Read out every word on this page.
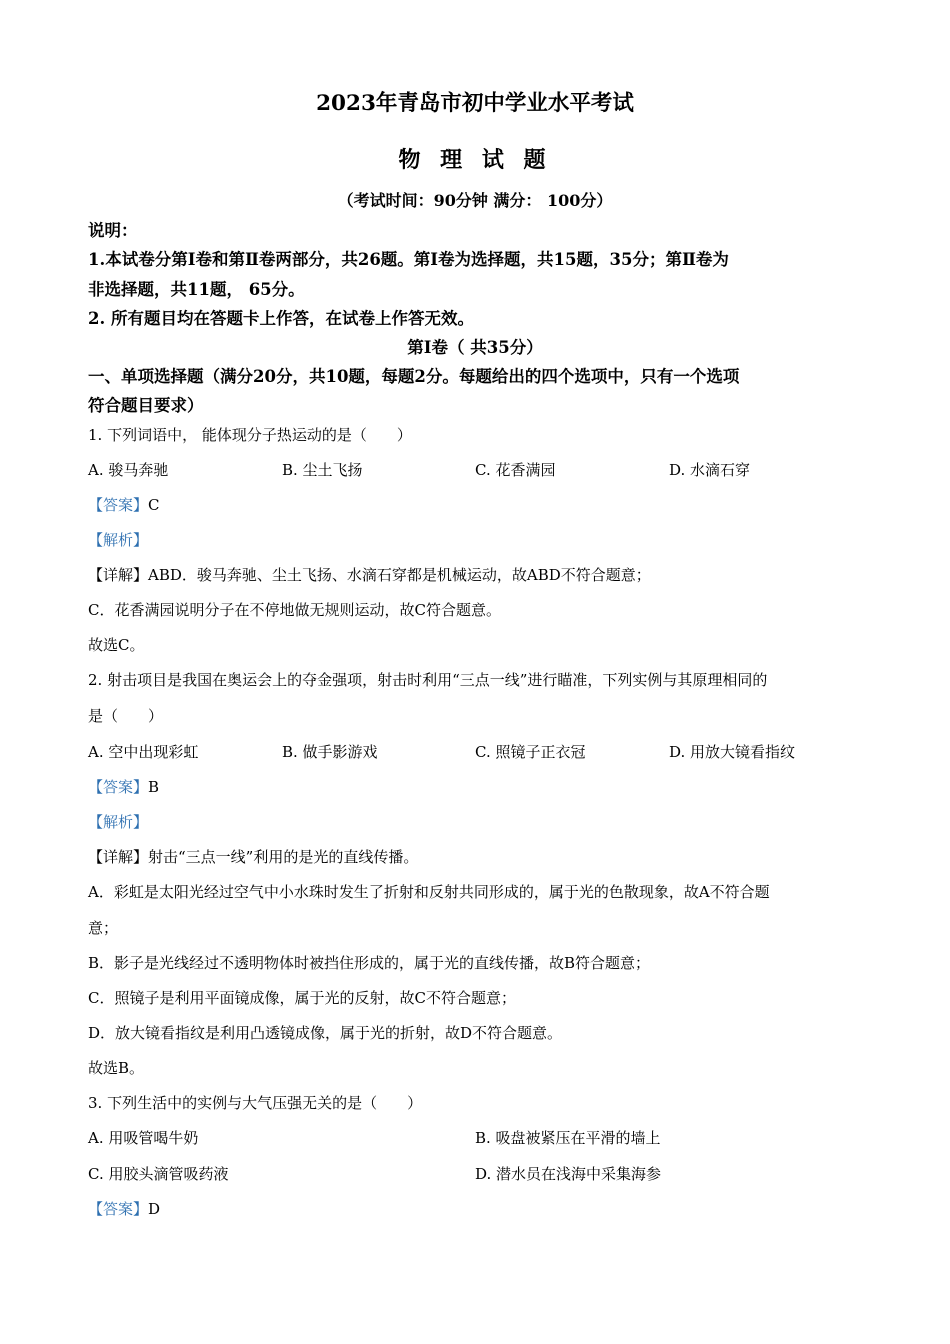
2023年青岛市初中学业水平考试
物 理 试 题
（考试时间：90分钟 满分： 100分）
说明：
1.本试卷分第Ⅰ卷和第Ⅱ卷两部分，共26题。第Ⅰ卷为选择题，共15题，35分；第Ⅱ卷为
非选择题，共11题， 65分。
2. 所有题目均在答题卡上作答，在试卷上作答无效。
第Ⅰ卷（ 共35分）
一、单项选择题（满分20分，共10题，每题2分。每题给出的四个选项中，只有一个选项
符合题目要求）
1. 下列词语中， 能体现分子热运动的是（　　）
A. 骏马奔驰	B. 尘土飞扬	C. 花香满园	D. 水滴石穿
【答案】C
【解析】
【详解】ABD．骏马奔驰、尘土飞扬、水滴石穿都是机械运动，故ABD不符合题意；
C．花香满园说明分子在不停地做无规则运动，故C符合题意。
故选C。
2. 射击项目是我国在奥运会上的夺金强项，射击时利用“三点一线”进行瞄准，下列实例与其原理相同的
是（　　）
A. 空中出现彩虹	B. 做手影游戏	C. 照镜子正衣冠	D. 用放大镜看指纹
【答案】B
【解析】
【详解】射击“三点一线”利用的是光的直线传播。
A．彩虹是太阳光经过空气中小水珠时发生了折射和反射共同形成的，属于光的色散现象，故A不符合题
意；
B．影子是光线经过不透明物体时被挡住形成的，属于光的直线传播，故B符合题意；
C．照镜子是利用平面镜成像，属于光的反射，故C不符合题意；
D．放大镜看指纹是利用凸透镜成像，属于光的折射，故D不符合题意。
故选B。
3. 下列生活中的实例与大气压强无关的是（　　）
A. 用吸管喝牛奶	B. 吸盘被紧压在平滑的墙上
C. 用胶头滴管吸药液	D. 潜水员在浅海中采集海参
【答案】D
